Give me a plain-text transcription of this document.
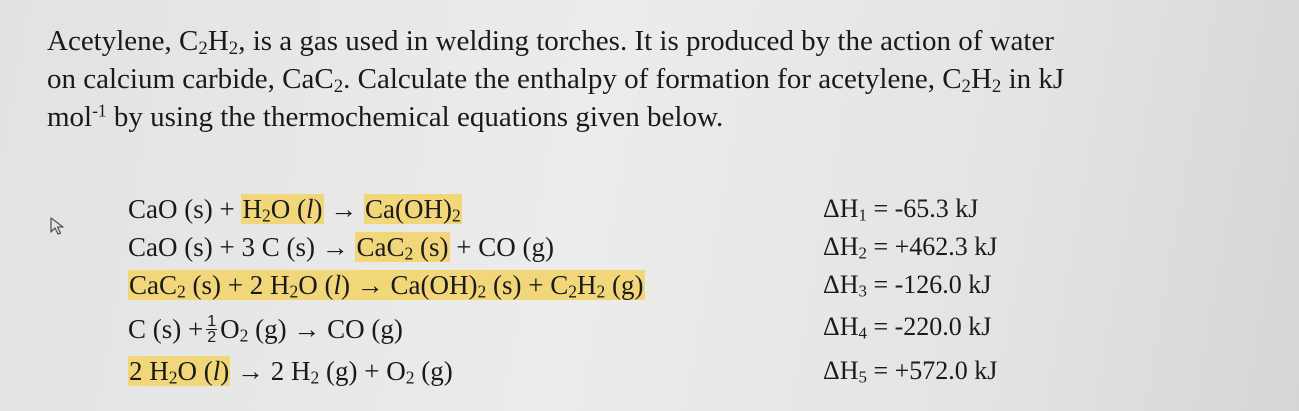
Acetylene, $C_2H_2$, is a gas used in welding torches. It is produced by the action of water
on calcium carbide, CaC$_2$. Calculate the enthalpy of formation for acetylene, $C_2H_2$ in kJ
mol$^{-1}$ by using the thermochemical equations given below.
CaO $(s) + H_2O$ $(l) \to Ca(OH)_2$
CaO (s) + 3 C (s) → CaC$_2$ (s) + CO (g)
CaC$_2$ (s) + 2 $H_2O$ $(l) \to Ca(OH)_2$ $(s) + C_2H_2$ (g)
C $(s) + \frac{1}{2} O_2$ (g) → CO (g)
2 $H_2O$ (l) → 2 $H_2$ $(g) + O_2$ (g)
$\Delta H_1 = -65.3$ kJ
$\Delta H_2 = +462.3$ kJ
$\Delta H_3 = -126.0$ kJ
$\Delta H_4 = -220.0$ kJ
$\Delta H_5 = +572.0$ kJ
